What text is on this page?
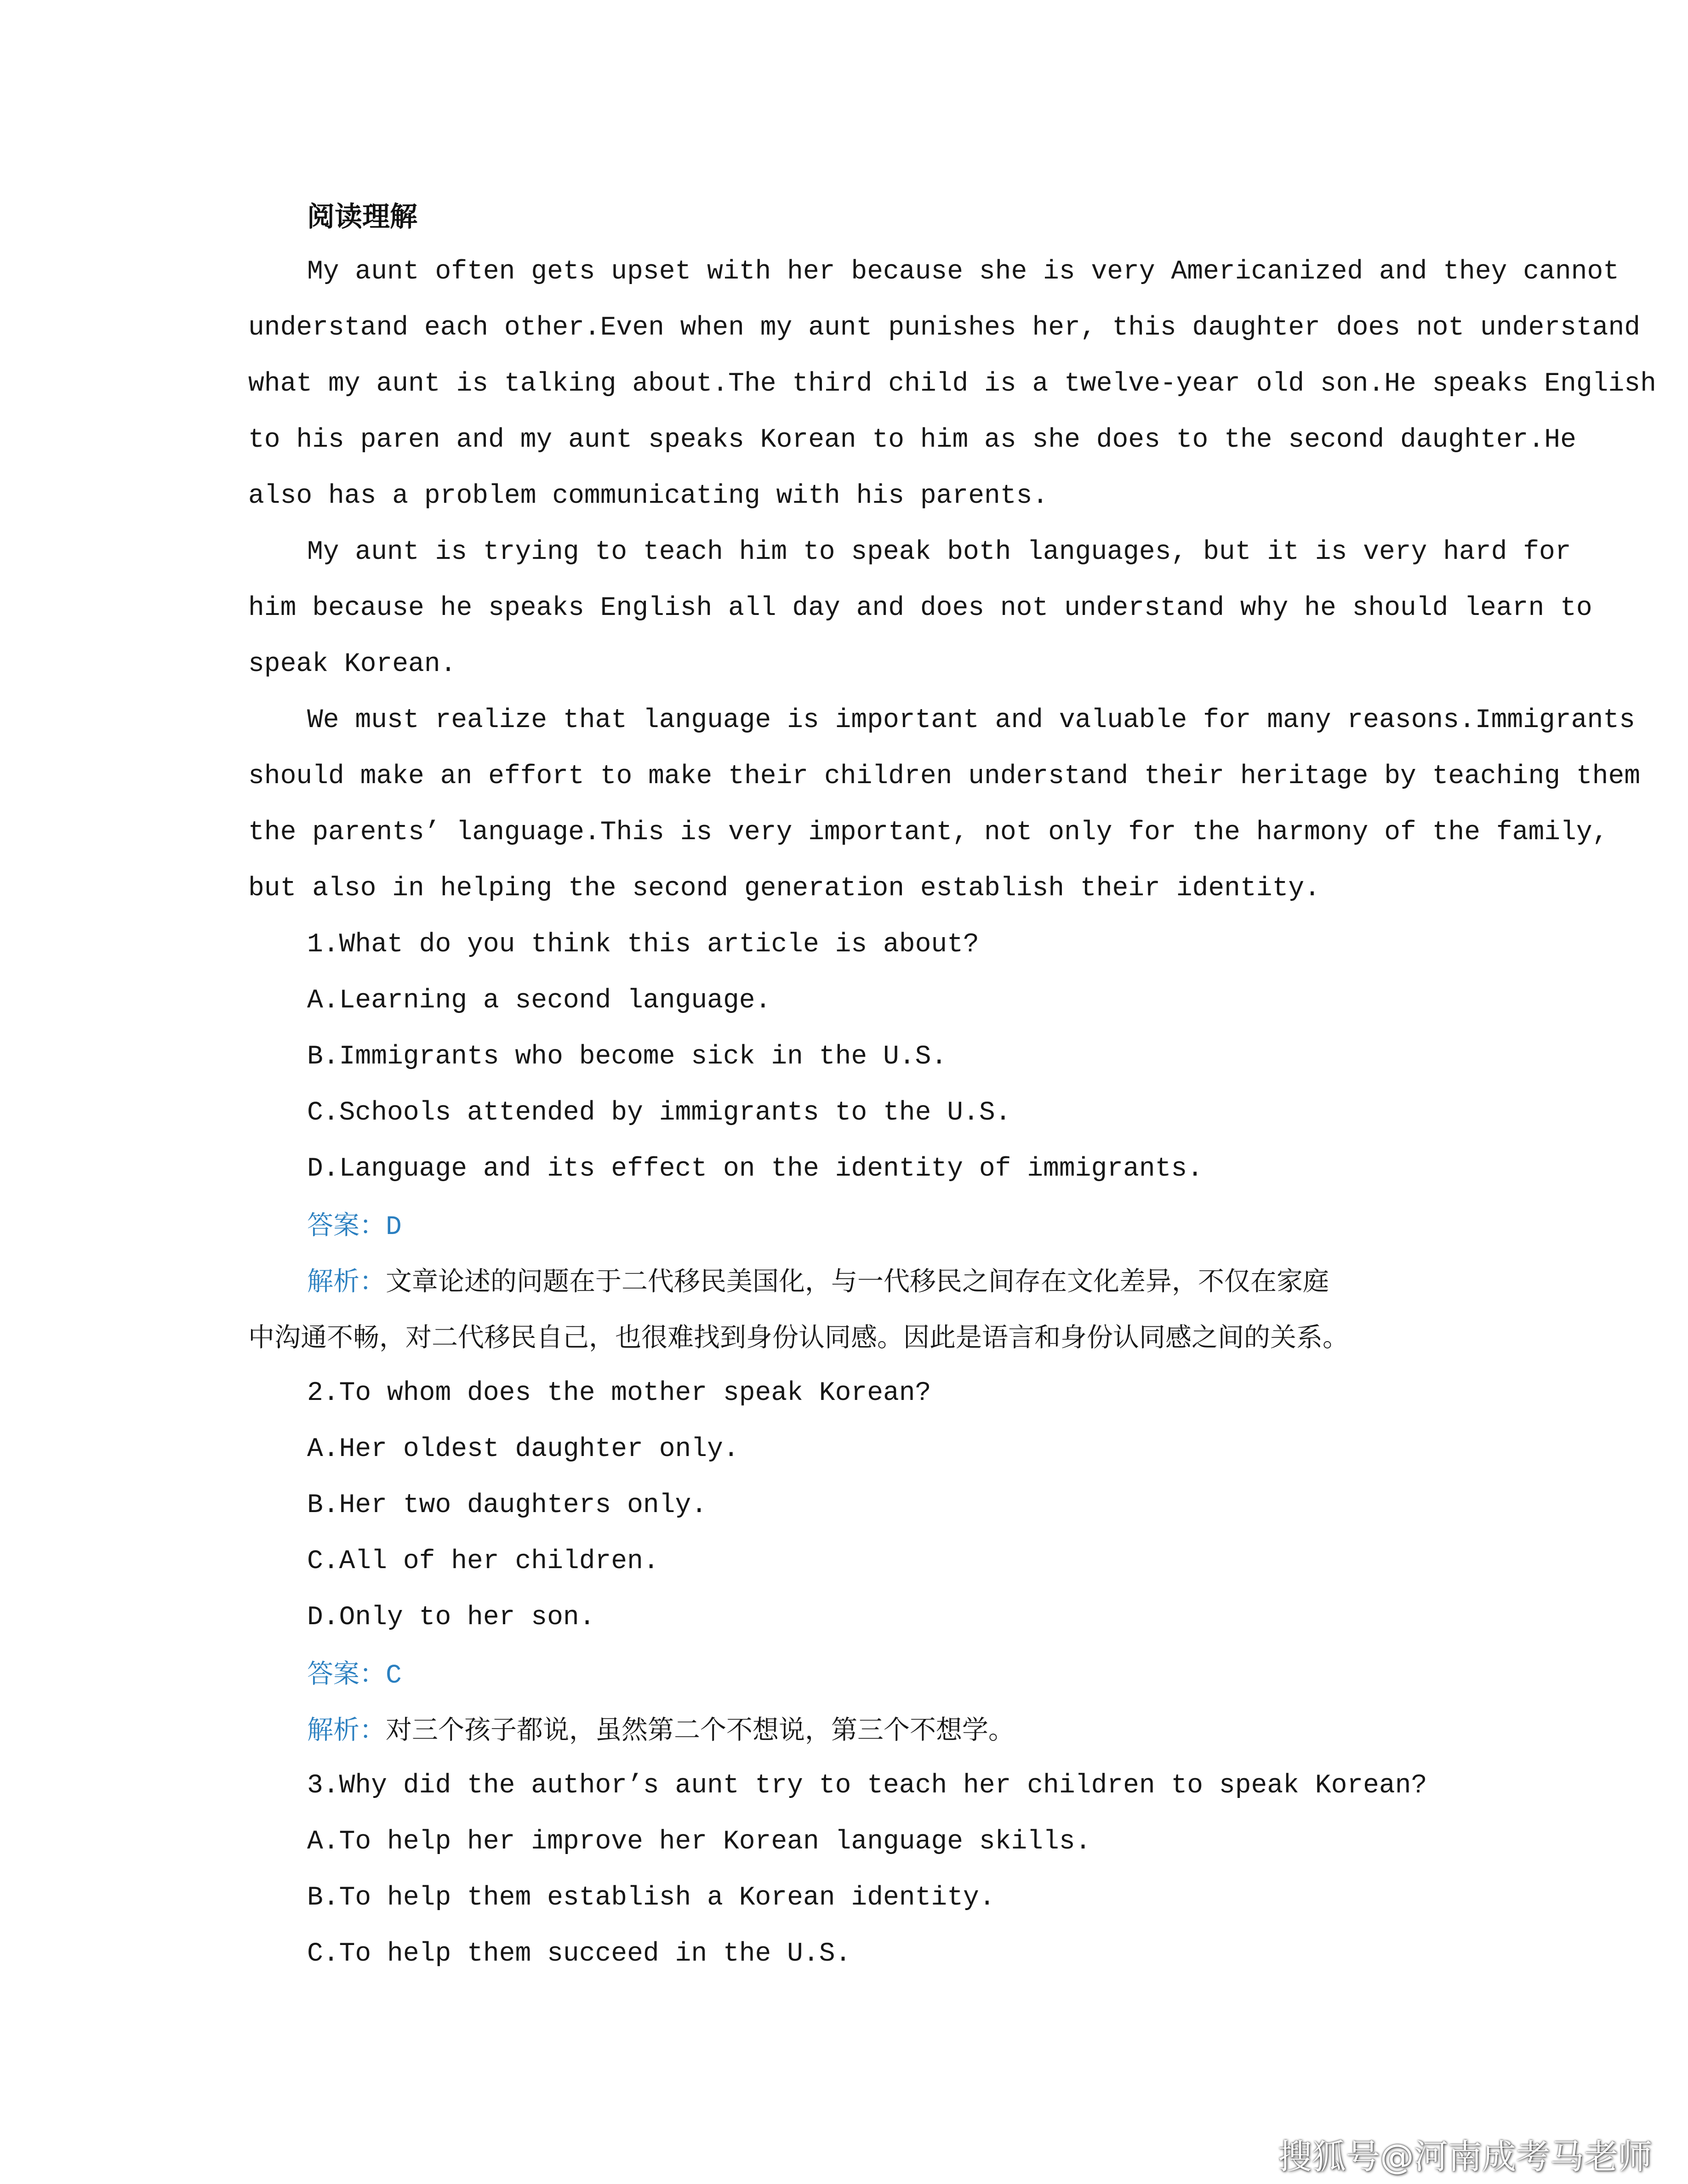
阅读理解
My aunt often gets upset with her because she is very Americanized and they cannot
understand each other.Even when my aunt punishes her, this daughter does not understand
what my aunt is talking about.The third child is a twelve-year old son.He speaks English
to his paren and my aunt speaks Korean to him as she does to the second daughter.He
also has a problem communicating with his parents.
My aunt is trying to teach him to speak both languages, but it is very hard for
him because he speaks English all day and does not understand why he should learn to
speak Korean.
We must realize that language is important and valuable for many reasons.Immigrants
should make an effort to make their children understand their heritage by teaching them
the parents’ language.This is very important, not only for the harmony of the family,
but also in helping the second generation establish their identity.
1.What do you think this article is about?
A.Learning a second language.
B.Immigrants who become sick in the U.S.
C.Schools attended by immigrants to the U.S.
D.Language and its effect on the identity of immigrants.
答案：D
解析：文章论述的问题在于二代移民美国化，与一代移民之间存在文化差异，不仅在家庭
中沟通不畅，对二代移民自己，也很难找到身份认同感。因此是语言和身份认同感之间的关系。
2.To whom does the mother speak Korean?
A.Her oldest daughter only.
B.Her two daughters only.
C.All of her children.
D.Only to her son.
答案：C
解析：对三个孩子都说，虽然第二个不想说，第三个不想学。
3.Why did the author’s aunt try to teach her children to speak Korean?
A.To help her improve her Korean language skills.
B.To help them establish a Korean identity.
C.To help them succeed in the U.S.
搜狐号@河南成考马老师
